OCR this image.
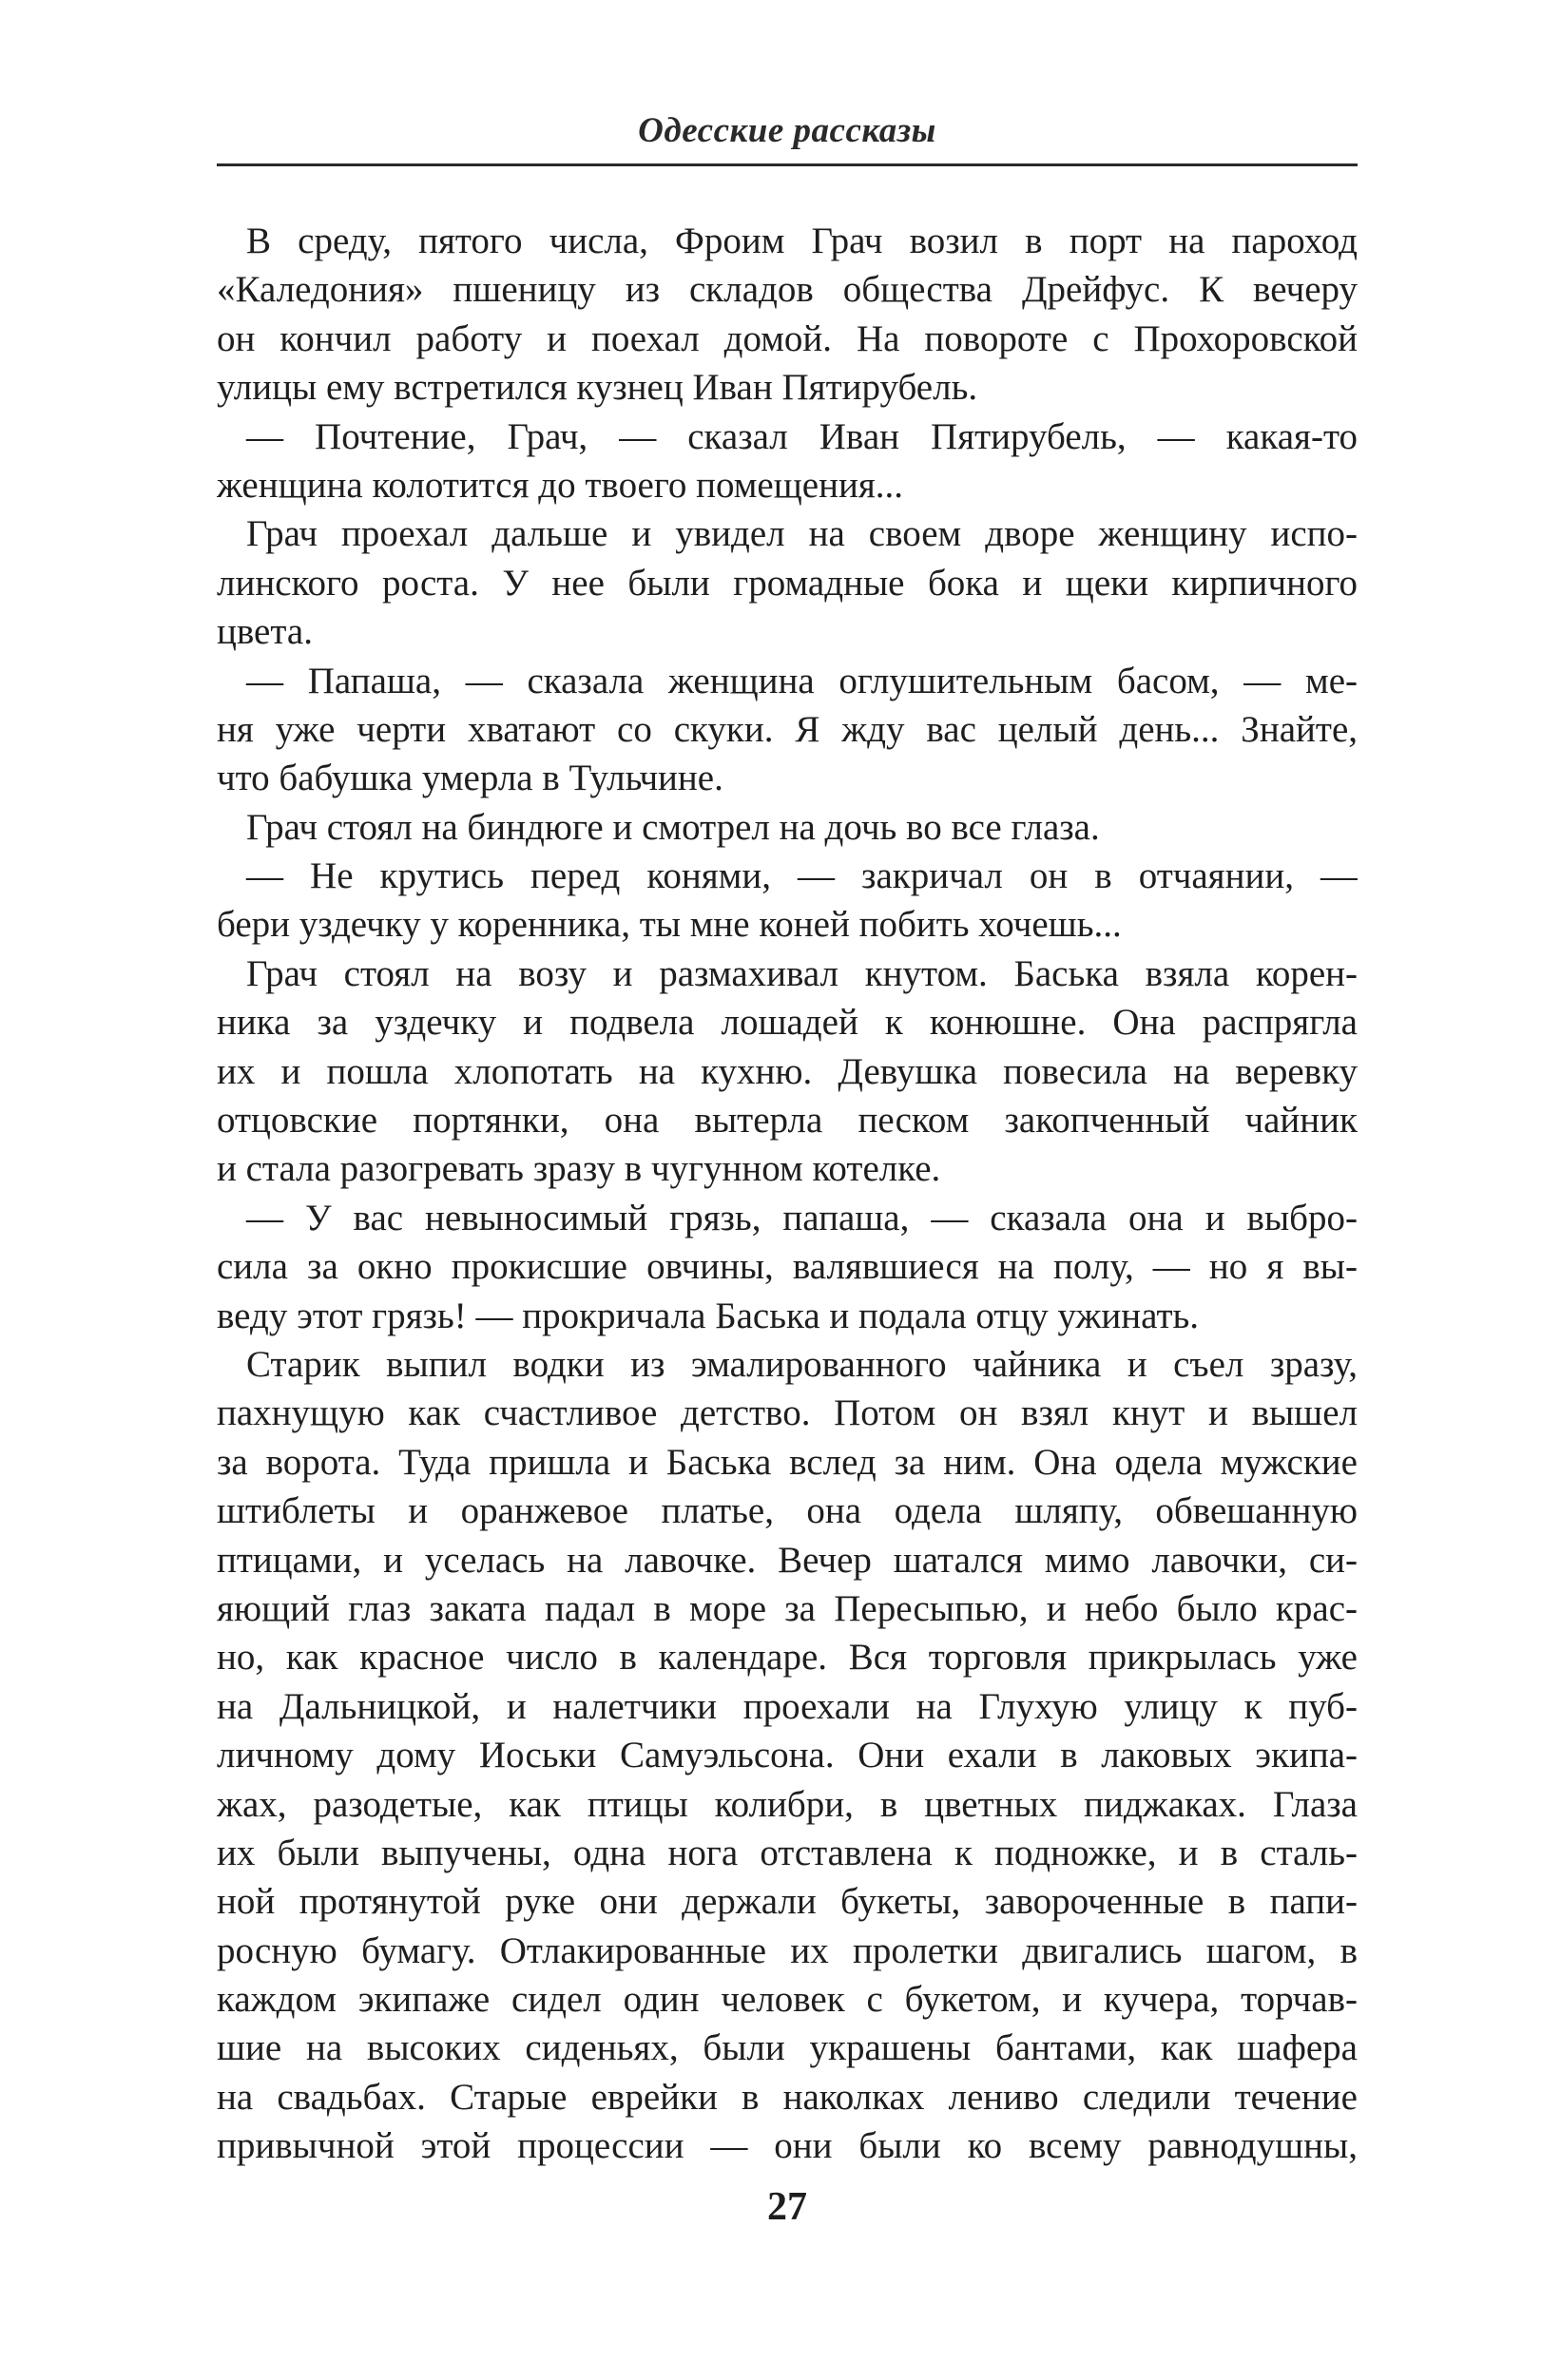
Одесские рассказы
В среду, пятого числа, Фроим Грач возил в порт на пароход
«Каледония» пшеницу из складов общества Дрейфус. К вечеру
он кончил работу и поехал домой. На повороте с Прохоровской
улицы ему встретился кузнец Иван Пятирубель.
— Почтение, Грач, — сказал Иван Пятирубель, — какая-то
женщина колотится до твоего помещения...
Грач проехал дальше и увидел на своем дворе женщину испо-
линского роста. У нее были громадные бока и щеки кирпичного
цвета.
— Папаша, — сказала женщина оглушительным басом, — ме-
ня уже черти хватают со скуки. Я жду вас целый день... Знайте,
что бабушка умерла в Тульчине.
Грач стоял на биндюге и смотрел на дочь во все глаза.
— Не крутись перед конями, — закричал он в отчаянии, —
бери уздечку у коренника, ты мне коней побить хочешь...
Грач стоял на возу и размахивал кнутом. Баська взяла корен-
ника за уздечку и подвела лошадей к конюшне. Она распрягла
их и пошла хлопотать на кухню. Девушка повесила на веревку
отцовские портянки, она вытерла песком закопченный чайник
и стала разогревать зразу в чугунном котелке.
— У вас невыносимый грязь, папаша, — сказала она и выбро-
сила за окно прокисшие овчины, валявшиеся на полу, — но я вы-
веду этот грязь! — прокричала Баська и подала отцу ужинать.
Старик выпил водки из эмалированного чайника и съел зразу,
пахнущую как счастливое детство. Потом он взял кнут и вышел
за ворота. Туда пришла и Баська вслед за ним. Она одела мужские
штиблеты и оранжевое платье, она одела шляпу, обвешанную
птицами, и уселась на лавочке. Вечер шатался мимо лавочки, си-
яющий глаз заката падал в море за Пересыпью, и небо было крас-
но, как красное число в календаре. Вся торговля прикрылась уже
на Дальницкой, и налетчики проехали на Глухую улицу к пуб-
личному дому Иоськи Самуэльсона. Они ехали в лаковых экипа-
жах, разодетые, как птицы колибри, в цветных пиджаках. Глаза
их были выпучены, одна нога отставлена к подножке, и в сталь-
ной протянутой руке они держали букеты, завороченные в папи-
росную бумагу. Отлакированные их пролетки двигались шагом, в
каждом экипаже сидел один человек с букетом, и кучера, торчав-
шие на высоких сиденьях, были украшены бантами, как шафера
на свадьбах. Старые еврейки в наколках лениво следили течение
привычной этой процессии — они были ко всему равнодушны,
27
